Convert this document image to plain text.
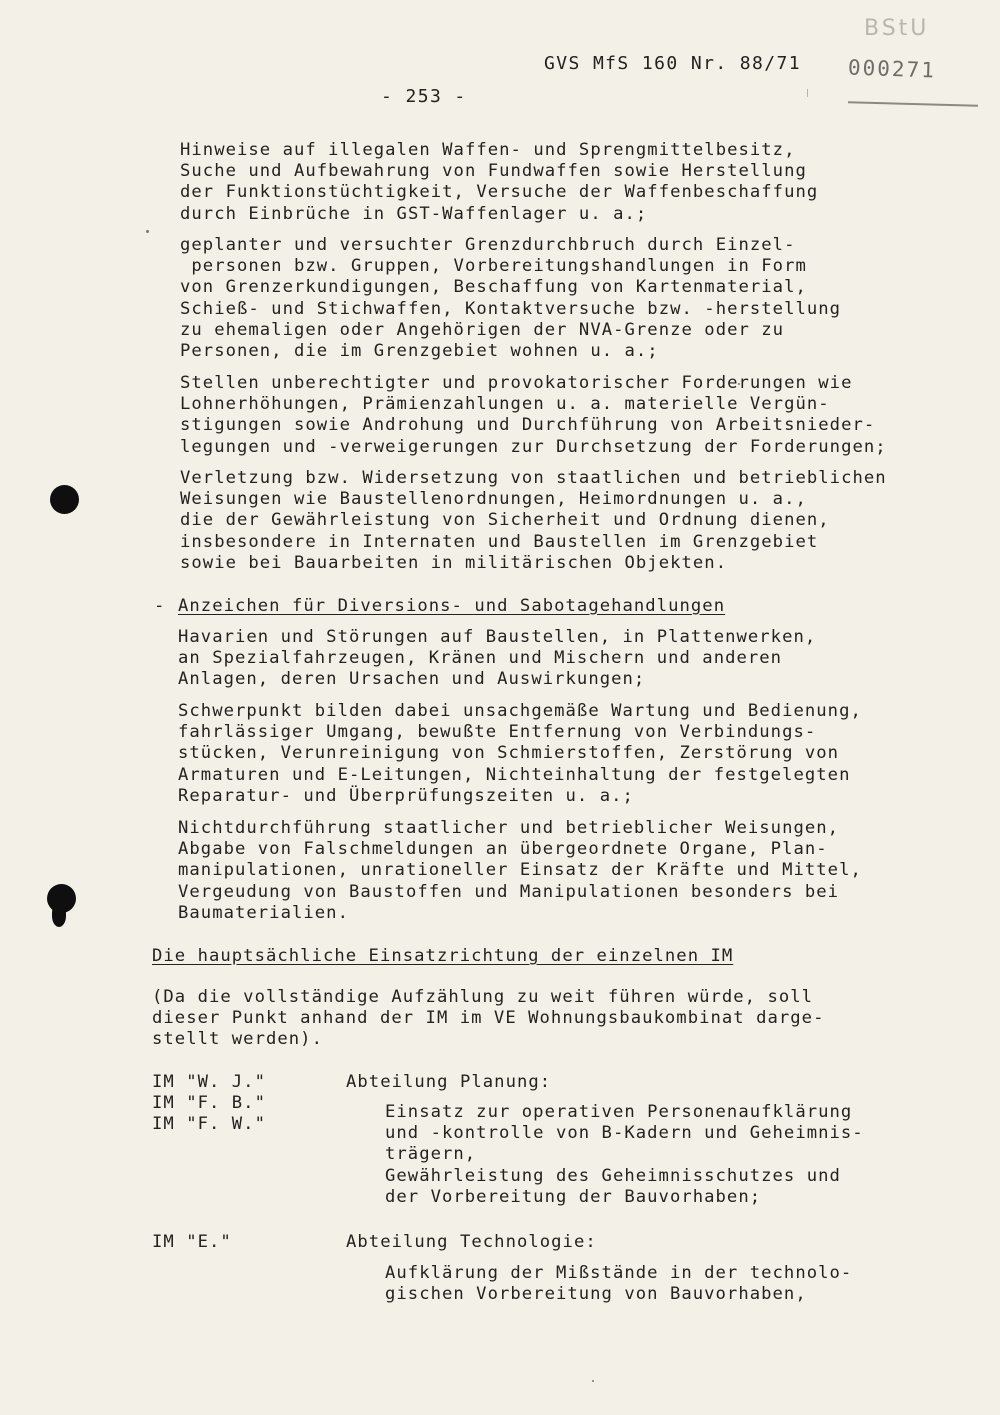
BStU
000271
GVS MfS 160 Nr. 88/71
- 253 -
Hinweise auf illegalen Waffen- und Sprengmittelbesitz,
Suche und Aufbewahrung von Fundwaffen sowie Herstellung
der Funktionstüchtigkeit, Versuche der Waffenbeschaffung
durch Einbrüche in GST-Waffenlager u. a.;
geplanter und versuchter Grenzdurchbruch durch Einzel-
personen bzw. Gruppen, Vorbereitungshandlungen in Form
von Grenzerkundigungen, Beschaffung von Kartenmaterial,
Schieß- und Stichwaffen, Kontaktversuche bzw. -herstellung
zu ehemaligen oder Angehörigen der NVA-Grenze oder zu
Personen, die im Grenzgebiet wohnen u. a.;
Stellen unberechtigter und provokatorischer Forderungen wie
Lohnerhöhungen, Prämienzahlungen u. a. materielle Vergün-
stigungen sowie Androhung und Durchführung von Arbeitsnieder-
legungen und -verweigerungen zur Durchsetzung der Forderungen;
Verletzung bzw. Widersetzung von staatlichen und betrieblichen
Weisungen wie Baustellenordnungen, Heimordnungen u. a.,
die der Gewährleistung von Sicherheit und Ordnung dienen,
insbesondere in Internaten und Baustellen im Grenzgebiet
sowie bei Bauarbeiten in militärischen Objekten.
- Anzeichen für Diversions- und Sabotagehandlungen
Havarien und Störungen auf Baustellen, in Plattenwerken,
an Spezialfahrzeugen, Kränen und Mischern und anderen
Anlagen, deren Ursachen und Auswirkungen;
Schwerpunkt bilden dabei unsachgemäße Wartung und Bedienung,
fahrlässiger Umgang, bewußte Entfernung von Verbindungs-
stücken, Verunreinigung von Schmierstoffen, Zerstörung von
Armaturen und E-Leitungen, Nichteinhaltung der festgelegten
Reparatur- und Überprüfungszeiten u. a.;
Nichtdurchführung staatlicher und betrieblicher Weisungen,
Abgabe von Falschmeldungen an übergeordnete Organe, Plan-
manipulationen, unrationeller Einsatz der Kräfte und Mittel,
Vergeudung von Baustoffen und Manipulationen besonders bei
Baumaterialien.
Die hauptsächliche Einsatzrichtung der einzelnen IM
(Da die vollständige Aufzählung zu weit führen würde, soll
dieser Punkt anhand der IM im VE Wohnungsbaukombinat darge-
stellt werden).
IM "W. J."
IM "F. B."
IM "F. W."
Abteilung Planung:
Einsatz zur operativen Personenaufklärung
und -kontrolle von B-Kadern und Geheimnis-
trägern,
Gewährleistung des Geheimnisschutzes und
der Vorbereitung der Bauvorhaben;
IM "E."	Abteilung Technologie:
Aufklärung der Mißstände in der technolo-
gischen Vorbereitung von Bauvorhaben,
